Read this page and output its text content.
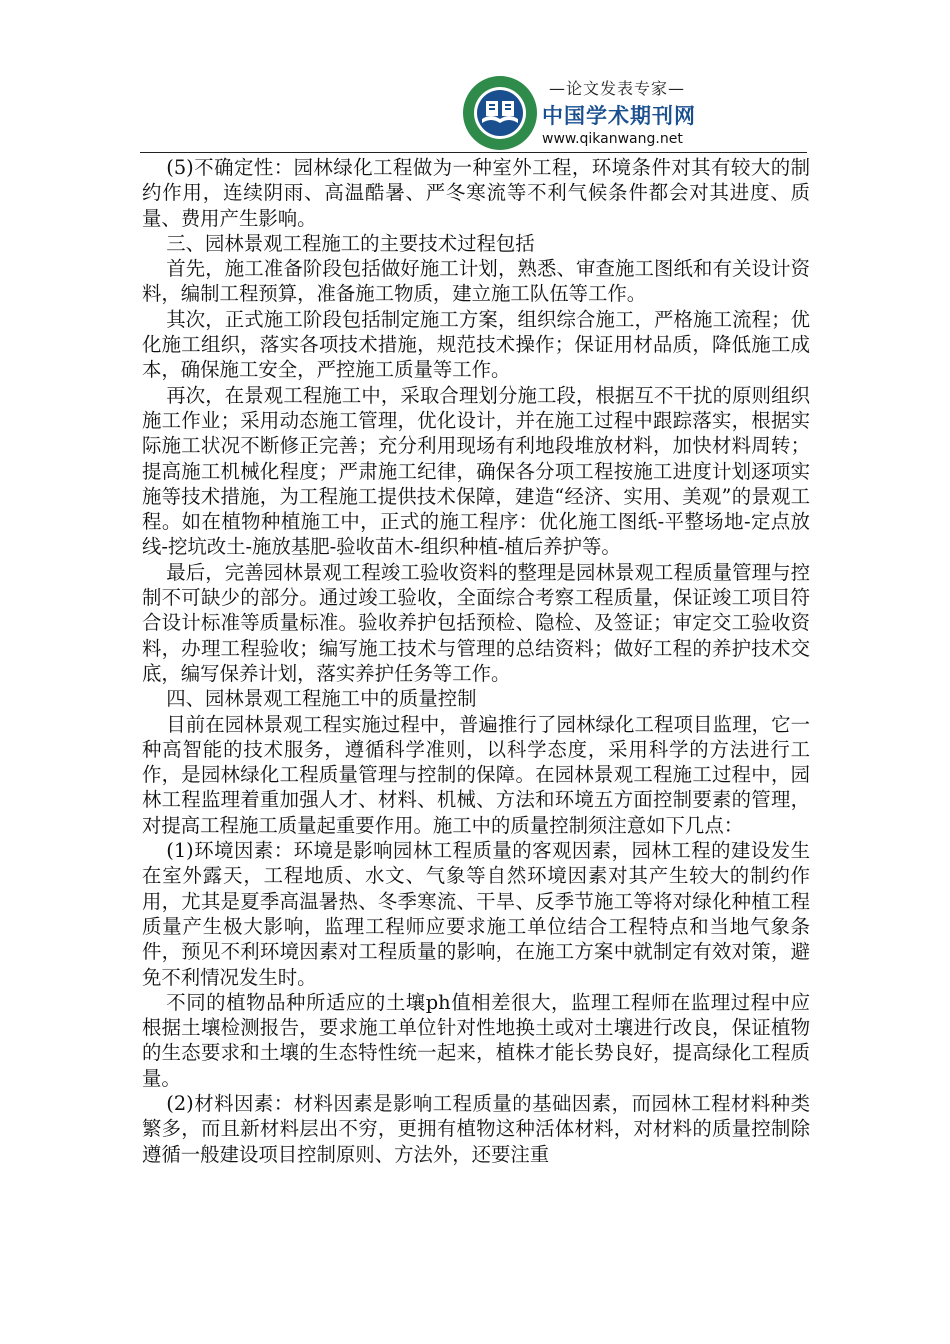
—论文发表专家—
中国学术期刊网
www.qikanwang.net

(5)不确定性：园林绿化工程做为一种室外工程，环境条件对其有较大的制约作用，连续阴雨、高温酷暑、严冬寒流等不利气候条件都会对其进度、质量、费用产生影响。

三、园林景观工程施工的主要技术过程包括

首先，施工准备阶段包括做好施工计划，熟悉、审查施工图纸和有关设计资料，编制工程预算，准备施工物质，建立施工队伍等工作。

其次，正式施工阶段包括制定施工方案，组织综合施工，严格施工流程；优化施工组织，落实各项技术措施，规范技术操作；保证用材品质，降低施工成本，确保施工安全，严控施工质量等工作。

再次，在景观工程施工中，采取合理划分施工段，根据互不干扰的原则组织施工作业；采用动态施工管理，优化设计，并在施工过程中跟踪落实，根据实际施工状况不断修正完善；充分利用现场有利地段堆放材料，加快材料周转；提高施工机械化程度；严肃施工纪律，确保各分项工程按施工进度计划逐项实施等技术措施，为工程施工提供技术保障，建造“经济、实用、美观”的景观工程。如在植物种植施工中，正式的施工程序：优化施工图纸-平整场地-定点放线-挖坑改土-施放基肥-验收苗木-组织种植-植后养护等。

最后，完善园林景观工程竣工验收资料的整理是园林景观工程质量管理与控制不可缺少的部分。通过竣工验收，全面综合考察工程质量，保证竣工项目符合设计标准等质量标准。验收养护包括预检、隐检、及签证；审定交工验收资料，办理工程验收；编写施工技术与管理的总结资料；做好工程的养护技术交底，编写保养计划，落实养护任务等工作。

四、园林景观工程施工中的质量控制

目前在园林景观工程实施过程中，普遍推行了园林绿化工程项目监理，它一种高智能的技术服务，遵循科学准则，以科学态度，采用科学的方法进行工作，是园林绿化工程质量管理与控制的保障。在园林景观工程施工过程中，园林工程监理着重加强人才、材料、机械、方法和环境五方面控制要素的管理，对提高工程施工质量起重要作用。施工中的质量控制须注意如下几点：

(1)环境因素：环境是影响园林工程质量的客观因素，园林工程的建设发生在室外露天，工程地质、水文、气象等自然环境因素对其产生较大的制约作用，尤其是夏季高温暑热、冬季寒流、干旱、反季节施工等将对绿化种植工程质量产生极大影响，监理工程师应要求施工单位结合工程特点和当地气象条件，预见不利环境因素对工程质量的影响，在施工方案中就制定有效对策，避免不利情况发生时。

不同的植物品种所适应的土壤ph值相差很大，监理工程师在监理过程中应根据土壤检测报告，要求施工单位针对性地换土或对土壤进行改良，保证植物的生态要求和土壤的生态特性统一起来，植株才能长势良好，提高绿化工程质量。

(2)材料因素：材料因素是影响工程质量的基础因素，而园林工程材料种类繁多，而且新材料层出不穷，更拥有植物这种活体材料，对材料的质量控制除遵循一般建设项目控制原则、方法外，还要注重
